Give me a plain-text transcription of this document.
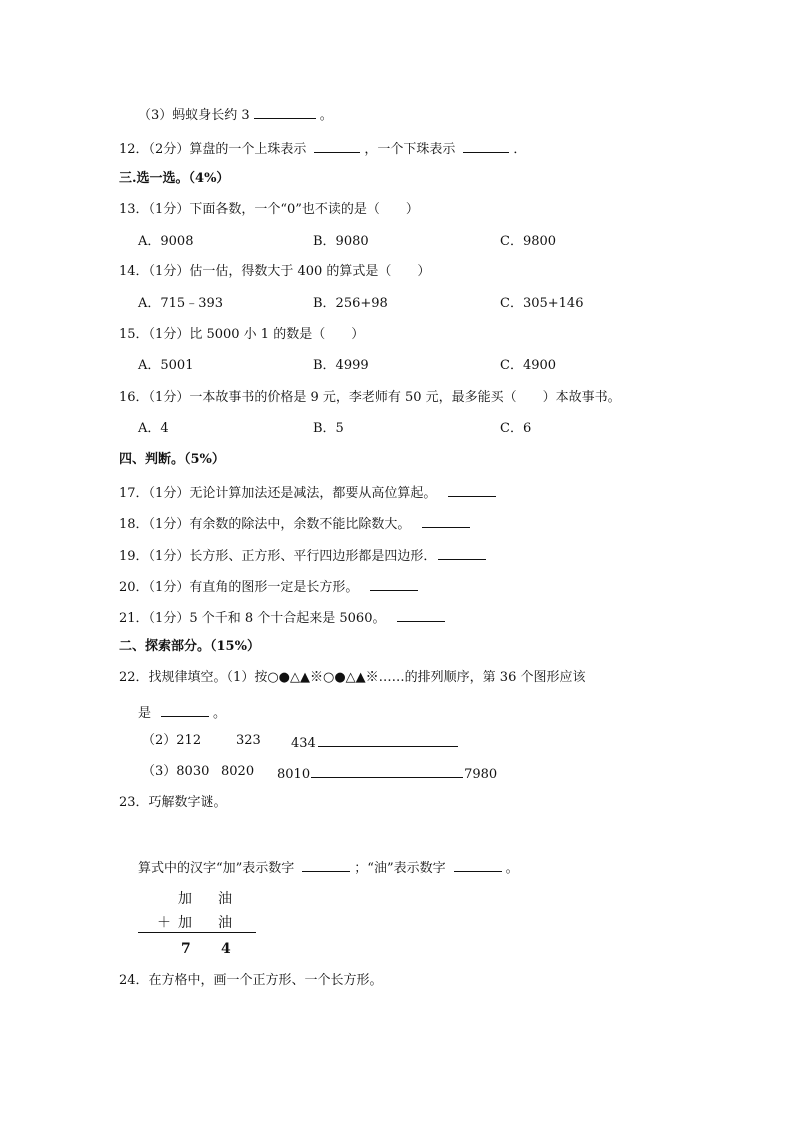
（3）蚂蚁身长约 3	。
12．（2分）算盘的一个上珠表示	，一个下珠表示	．
三.选一选。（4%）
13．（1分）下面各数，一个“0”也不读的是（　　）
A．9008	B．9080	C．9800
14．（1分）估一估，得数大于 400 的算式是（　　）
A．715﹣393	B．256+98	C．305+146
15．（1分）比 5000 小 1 的数是（　　）
A．5001	B．4999	C．4900
16．（1分）一本故事书的价格是 9 元，李老师有 50 元，最多能买（　　）本故事书。
A．4	B．5	C．6
四、判断。（5%）
17．（1分）无论计算加法还是减法，都要从高位算起。
18．（1分）有余数的除法中，余数不能比除数大。
19．（1分）长方形、正方形、平行四边形都是四边形．
20．（1分）有直角的图形一定是长方形。
21．（1分）5 个千和 8 个十合起来是 5060。
二、探索部分。（15%）
22．找规律填空。（1）按○●△▲※○●△▲※……的排列顺序，第 36 个图形应该
是	。
（2）212	323 434
（3）8030 8020 8010	7980
23．巧解数字谜。
算式中的汉字“加”表示数字	；“油”表示数字	。
加 油
＋ 加 油
7 4
24．在方格中，画一个正方形、一个长方形。
